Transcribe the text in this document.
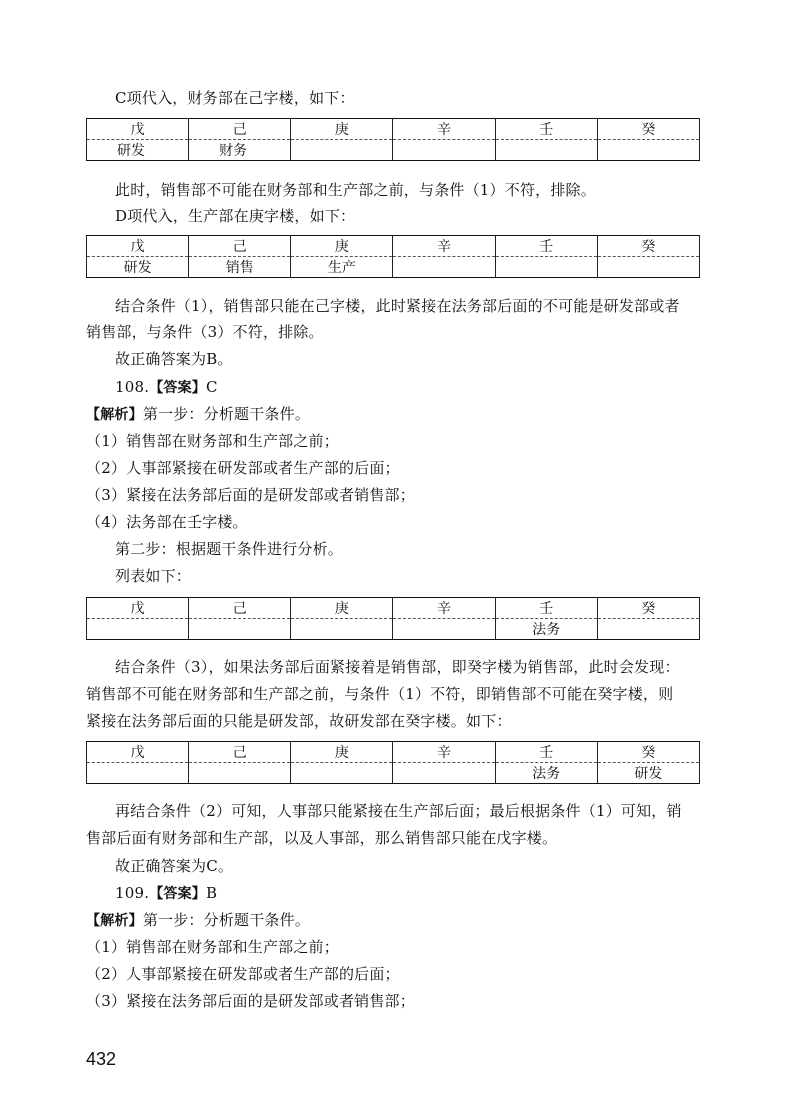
C项代入，财务部在己字楼，如下：
戊	己	庚	辛	壬	癸
研发	财务				
此时，销售部不可能在财务部和生产部之前，与条件（1）不符，排除。
D项代入，生产部在庚字楼，如下：
戊	己	庚	辛	壬	癸
研发	销售	生产			
结合条件（1），销售部只能在己字楼，此时紧接在法务部后面的不可能是研发部或者
销售部，与条件（3）不符，排除。
故正确答案为B。
108.【答案】C
【解析】第一步：分析题干条件。
（1）销售部在财务部和生产部之前；
（2）人事部紧接在研发部或者生产部的后面；
（3）紧接在法务部后面的是研发部或者销售部；
（4）法务部在壬字楼。
第二步：根据题干条件进行分析。
列表如下：
戊	己	庚	辛	壬	癸
				法务	
结合条件（3），如果法务部后面紧接着是销售部，即癸字楼为销售部，此时会发现：
销售部不可能在财务部和生产部之前，与条件（1）不符，即销售部不可能在癸字楼，则
紧接在法务部后面的只能是研发部，故研发部在癸字楼。如下：
戊	己	庚	辛	壬	癸
				法务	研发
再结合条件（2）可知，人事部只能紧接在生产部后面；最后根据条件（1）可知，销
售部后面有财务部和生产部，以及人事部，那么销售部只能在戊字楼。
故正确答案为C。
109.【答案】B
【解析】第一步：分析题干条件。
（1）销售部在财务部和生产部之前；
（2）人事部紧接在研发部或者生产部的后面；
（3）紧接在法务部后面的是研发部或者销售部；
432
